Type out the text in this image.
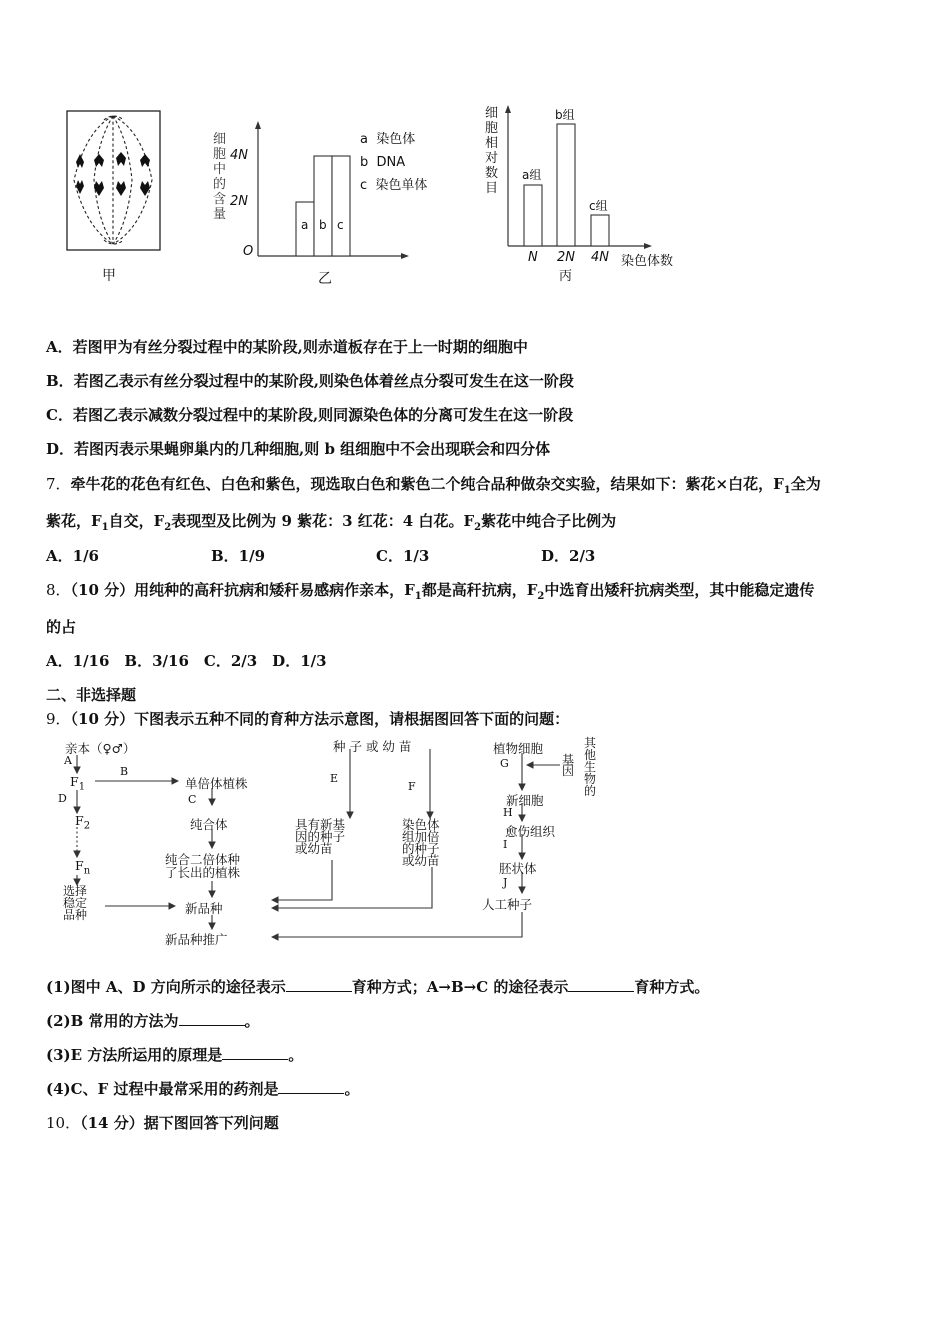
甲
细
胞
中
的
含
量
4N
2N
O
a b c
a 染色体
b DNA
c 染色单体
乙
细
胞
相
对
数
目
a组
b组
c组
N 2N 4N 染色体数
丙
A．若图甲为有丝分裂过程中的某阶段,则赤道板存在于上一时期的细胞中
B．若图乙表示有丝分裂过程中的某阶段,则染色体着丝点分裂可发生在这一阶段
C．若图乙表示减数分裂过程中的某阶段,则同源染色体的分离可发生在这一阶段
D．若图丙表示果蝇卵巢内的几种细胞,则 b 组细胞中不会出现联会和四分体
7．牵牛花的花色有红色、白色和紫色，现选取白色和紫色二个纯合品种做杂交实验，结果如下：紫花×白花，$F_1$全为
紫花，$F_1$自交，$F_2$表现型及比例为 9 紫花：3 红花：4 白花。$F_2$紫花中纯合子比例为
A．1/6	B．1/9	C．1/3	D．2/3
8．（10 分）用纯种的高秆抗病和矮秆易感病作亲本，$F_1$都是高秆抗病，$F_2$中选育出矮秆抗病类型，其中能稳定遗传
的占
A．1/16　B．3/16　C．2/3　D．1/3
二、非选择题
9．（10 分）下图表示五种不同的育种方法示意图，请根据图回答下面的问题：
亲本（♀♂）
A
$F_1$
B
单倍体植株
C
D
$F_2$
$F_n$
纯合体
纯合二倍体种
了长出的植株
选择
稳定
品种	新品种
新品种推广
种 子 或 幼 苗
E
F
具有新基
因的种子
或幼苗
染色体
组加倍
的种子
或幼苗
植物细胞
G	基
因
其
他
生
物
的
新细胞
H
愈伤组织
I
胚状体
J
人工种子
(1)图中 A、D 方向所示的途径表示	育种方式；A→B→C 的途径表示	育种方式。
(2)B 常用的方法为	。
(3)E 方法所运用的原理是	。
(4)C、F 过程中最常采用的药剂是	。
10．（14 分）据下图回答下列问题
